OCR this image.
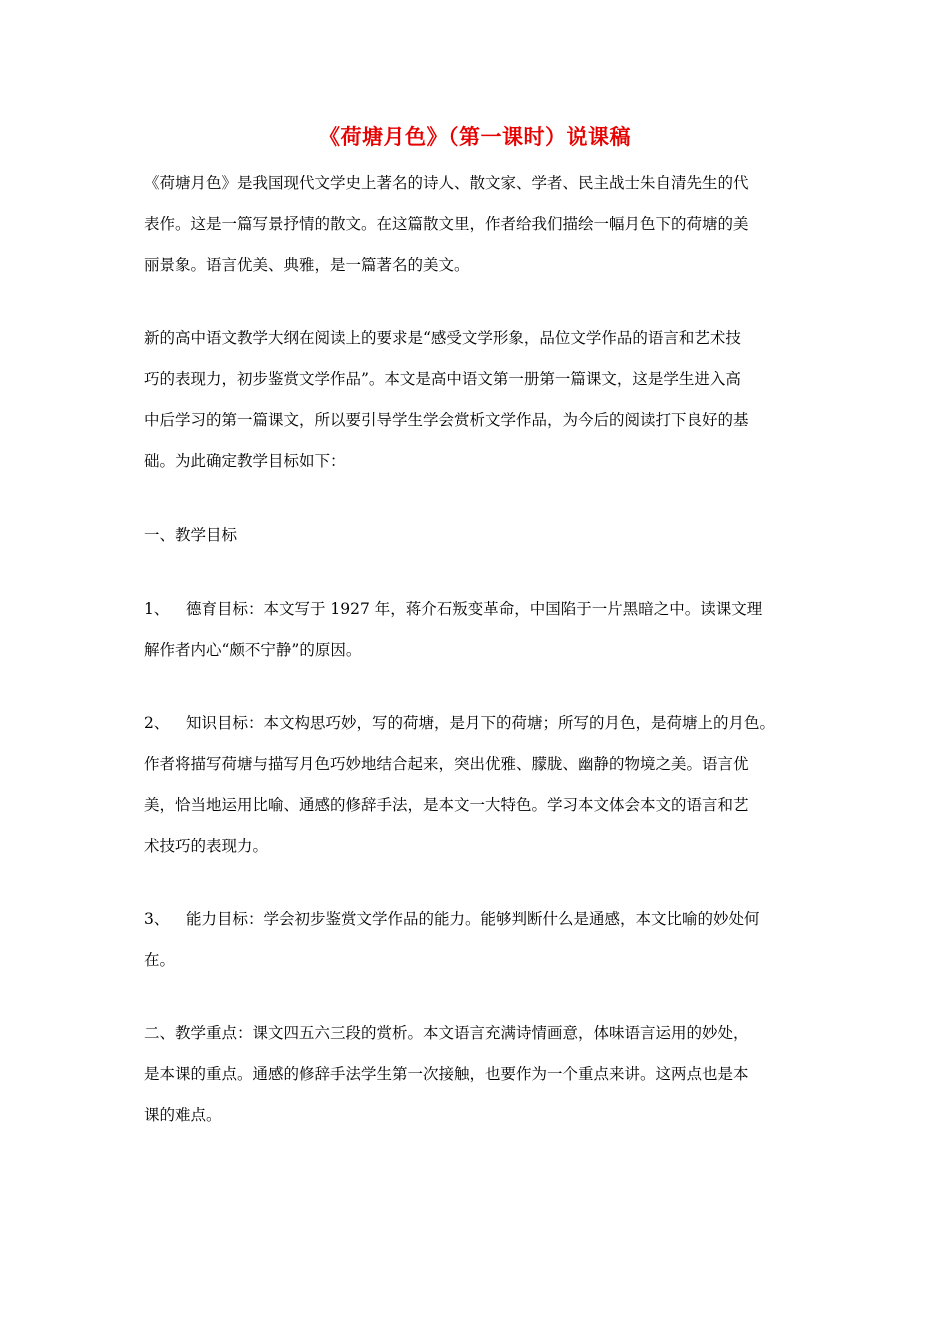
《荷塘月色》（第一课时）说课稿
《荷塘月色》是我国现代文学史上著名的诗人、散文家、学者、民主战士朱自清先生的代
表作。这是一篇写景抒情的散文。在这篇散文里，作者给我们描绘一幅月色下的荷塘的美
丽景象。语言优美、典雅，是一篇著名的美文。
新的高中语文教学大纲在阅读上的要求是“感受文学形象，品位文学作品的语言和艺术技
巧的表现力，初步鉴赏文学作品”。本文是高中语文第一册第一篇课文，这是学生进入高
中后学习的第一篇课文，所以要引导学生学会赏析文学作品，为今后的阅读打下良好的基
础。为此确定教学目标如下：
一、教学目标
1、 德育目标：本文写于 1927 年，蒋介石叛变革命，中国陷于一片黑暗之中。读课文理
解作者内心“颇不宁静”的原因。
2、 知识目标：本文构思巧妙，写的荷塘，是月下的荷塘；所写的月色，是荷塘上的月色。
作者将描写荷塘与描写月色巧妙地结合起来，突出优雅、朦胧、幽静的物境之美。语言优
美，恰当地运用比喻、通感的修辞手法，是本文一大特色。学习本文体会本文的语言和艺
术技巧的表现力。
3、 能力目标：学会初步鉴赏文学作品的能力。能够判断什么是通感，本文比喻的妙处何
在。
二、教学重点：课文四五六三段的赏析。本文语言充满诗情画意，体味语言运用的妙处，
是本课的重点。通感的修辞手法学生第一次接触，也要作为一个重点来讲。这两点也是本
课的难点。
